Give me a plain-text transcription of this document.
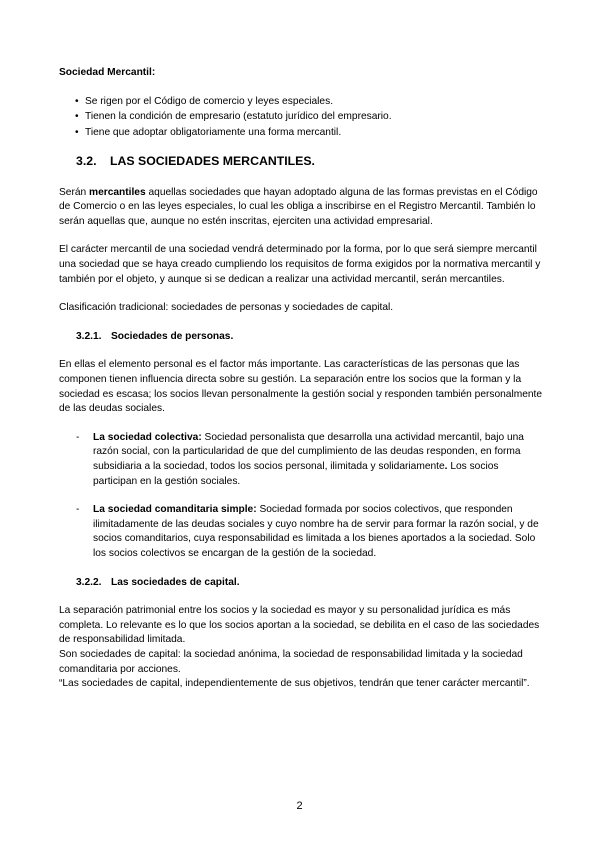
Sociedad Mercantil:

• Se rigen por el Código de comercio y leyes especiales.
• Tienen la condición de empresario (estatuto jurídico del empresario.
• Tiene que adoptar obligatoriamente una forma mercantil.
3.2.	LAS SOCIEDADES MERCANTILES.

Serán mercantiles aquellas sociedades que hayan adoptado alguna de las formas previstas en el Código de Comercio o en las leyes especiales, lo cual les obliga a inscribirse en el Registro Mercantil. También lo serán aquellas que, aunque no estén inscritas, ejerciten una actividad empresarial.

El carácter mercantil de una sociedad vendrá determinado por la forma, por lo que será siempre mercantil una sociedad que se haya creado cumpliendo los requisitos de forma exigidos por la normativa mercantil y también por el objeto, y aunque si se dedican a realizar una actividad mercantil, serán mercantiles.

Clasificación tradicional: sociedades de personas y sociedades de capital.

3.2.1. Sociedades de personas.

En ellas el elemento personal es el factor más importante. Las características de las personas que las componen tienen influencia directa sobre su gestión. La separación entre los socios que la forman y la sociedad es escasa; los socios llevan personalmente la gestión social y responden también personalmente de las deudas sociales.

- La sociedad colectiva: Sociedad personalista que desarrolla una actividad mercantil, bajo una razón social, con la particularidad de que del cumplimiento de las deudas responden, en forma subsidiaria a la sociedad, todos los socios personal, ilimitada y solidariamente. Los socios participan en la gestión sociales.
- La sociedad comanditaria simple: Sociedad formada por socios colectivos, que responden ilimitadamente de las deudas sociales y cuyo nombre ha de servir para formar la razón social, y de socios comanditarios, cuya responsabilidad es limitada a los bienes aportados a la sociedad. Solo los socios colectivos se encargan de la gestión de la sociedad.
3.2.2. Las sociedades de capital.

La separación patrimonial entre los socios y la sociedad es mayor y su personalidad jurídica es más completa. Lo relevante es lo que los socios aportan a la sociedad, se debilita en el caso de las sociedades de responsabilidad limitada.

Son sociedades de capital: la sociedad anónima, la sociedad de responsabilidad limitada y la sociedad comanditaria por acciones.

“Las sociedades de capital, independientemente de sus objetivos, tendrán que tener carácter mercantil”.

2
